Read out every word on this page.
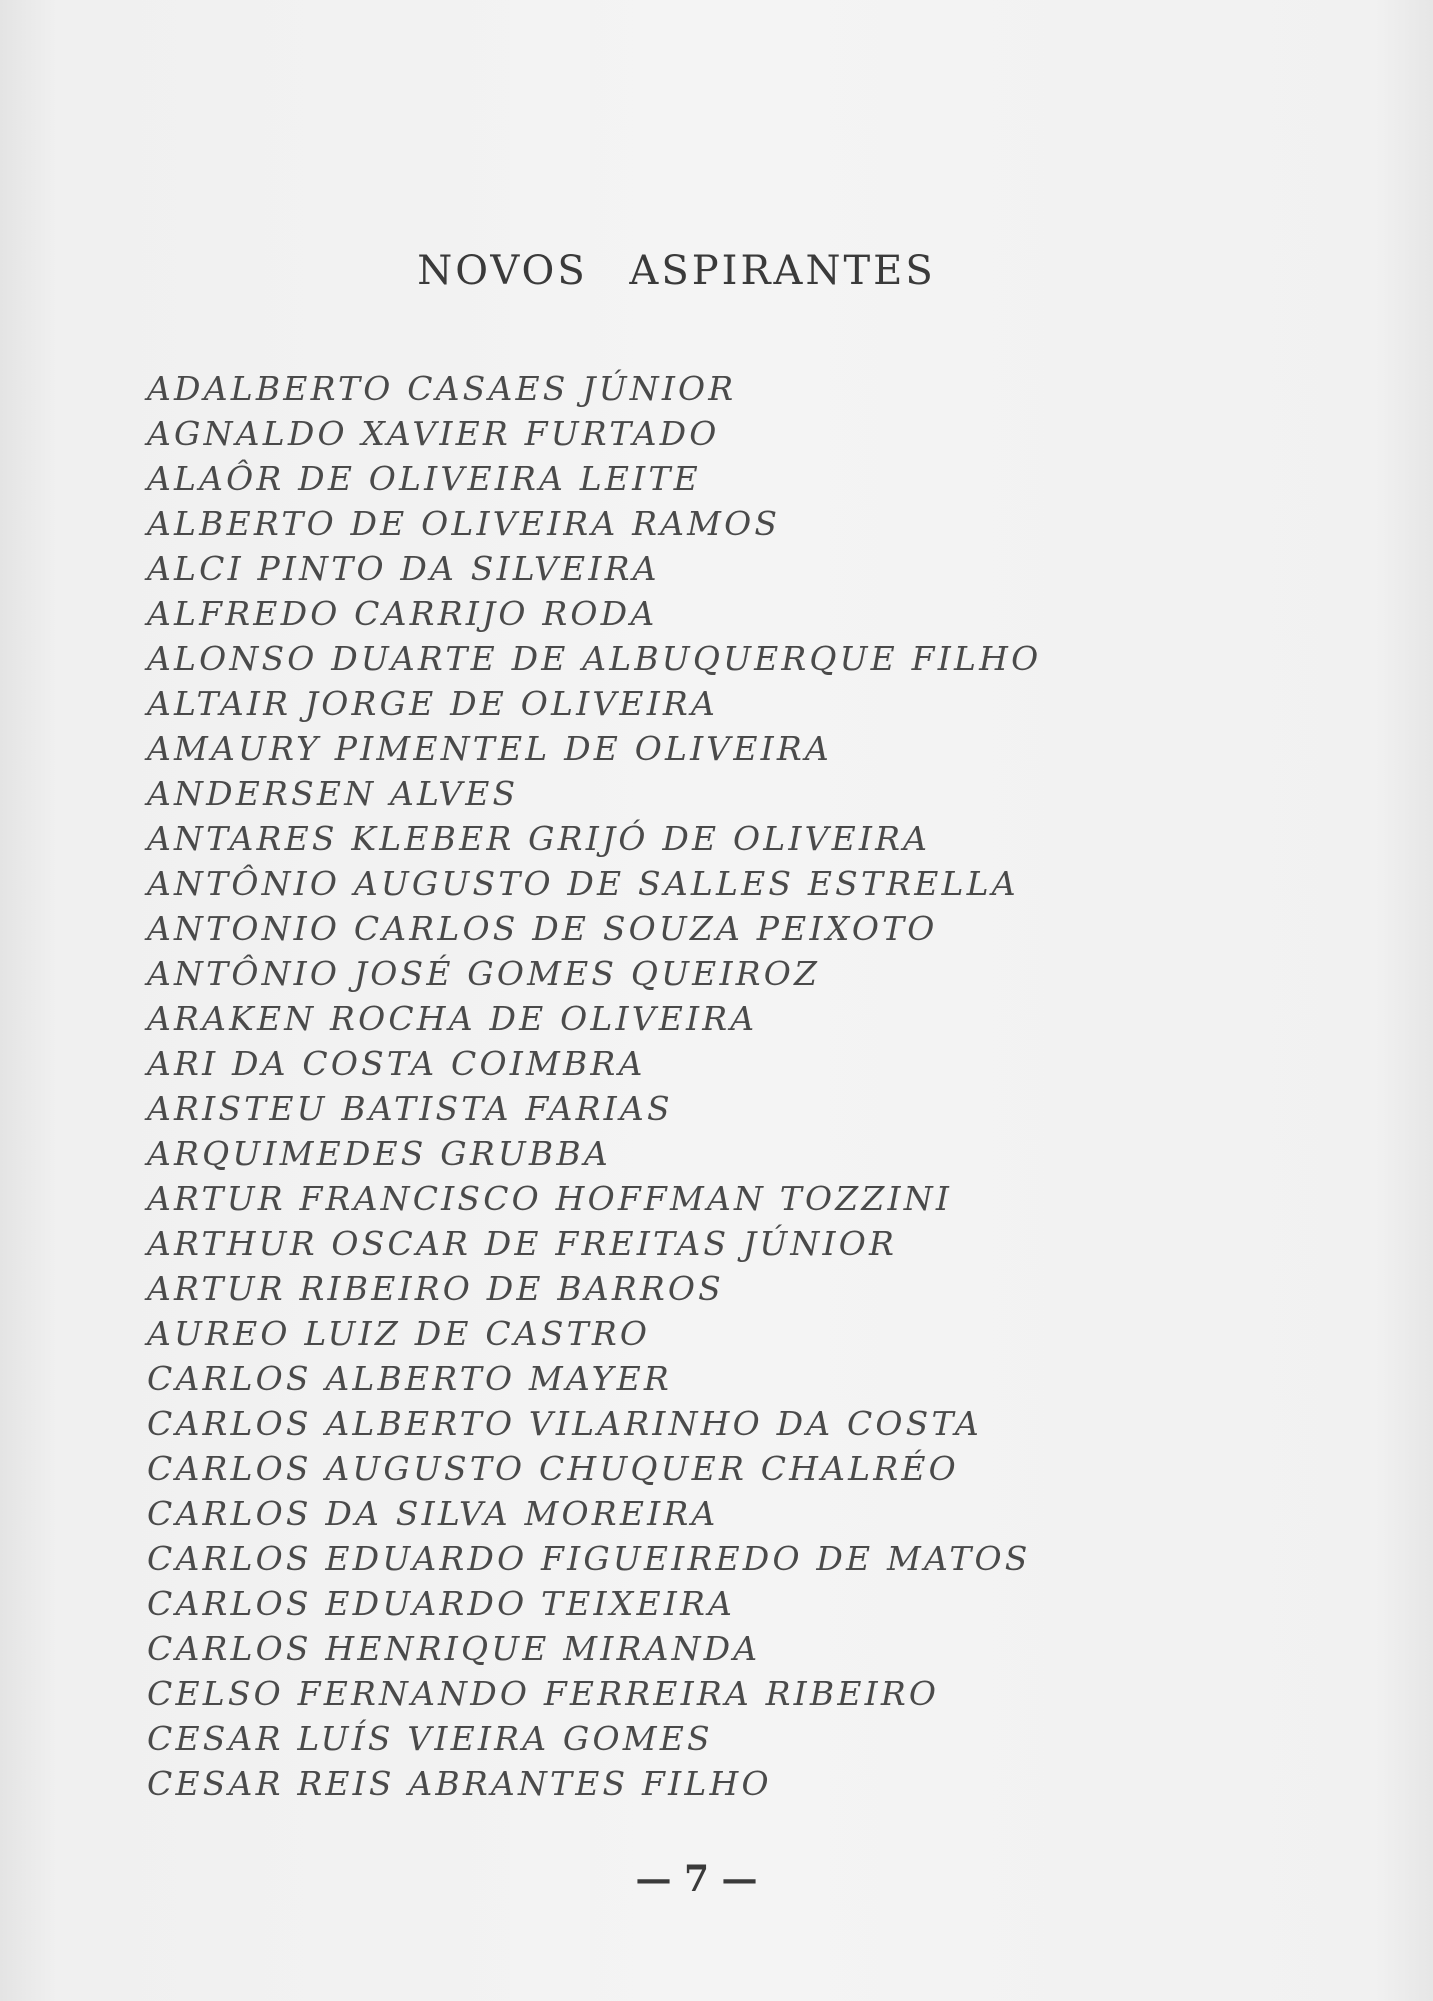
NOVOS ASPIRANTES
ADALBERTO CASAES JÚNIOR
AGNALDO XAVIER FURTADO
ALAÔR DE OLIVEIRA LEITE
ALBERTO DE OLIVEIRA RAMOS
ALCI PINTO DA SILVEIRA
ALFREDO CARRIJO RODA
ALONSO DUARTE DE ALBUQUERQUE FILHO
ALTAIR JORGE DE OLIVEIRA
AMAURY PIMENTEL DE OLIVEIRA
ANDERSEN ALVES
ANTARES KLEBER GRIJÓ DE OLIVEIRA
ANTÔNIO AUGUSTO DE SALLES ESTRELLA
ANTONIO CARLOS DE SOUZA PEIXOTO
ANTÔNIO JOSÉ GOMES QUEIROZ
ARAKEN ROCHA DE OLIVEIRA
ARI DA COSTA COIMBRA
ARISTEU BATISTA FARIAS
ARQUIMEDES GRUBBA
ARTUR FRANCISCO HOFFMAN TOZZINI
ARTHUR OSCAR DE FREITAS JÚNIOR
ARTUR RIBEIRO DE BARROS
AUREO LUIZ DE CASTRO
CARLOS ALBERTO MAYER
CARLOS ALBERTO VILARINHO DA COSTA
CARLOS AUGUSTO CHUQUER CHALRÉO
CARLOS DA SILVA MOREIRA
CARLOS EDUARDO FIGUEIREDO DE MATOS
CARLOS EDUARDO TEIXEIRA
CARLOS HENRIQUE MIRANDA
CELSO FERNANDO FERREIRA RIBEIRO
CESAR LUÍS VIEIRA GOMES
CESAR REIS ABRANTES FILHO
— 7 —
